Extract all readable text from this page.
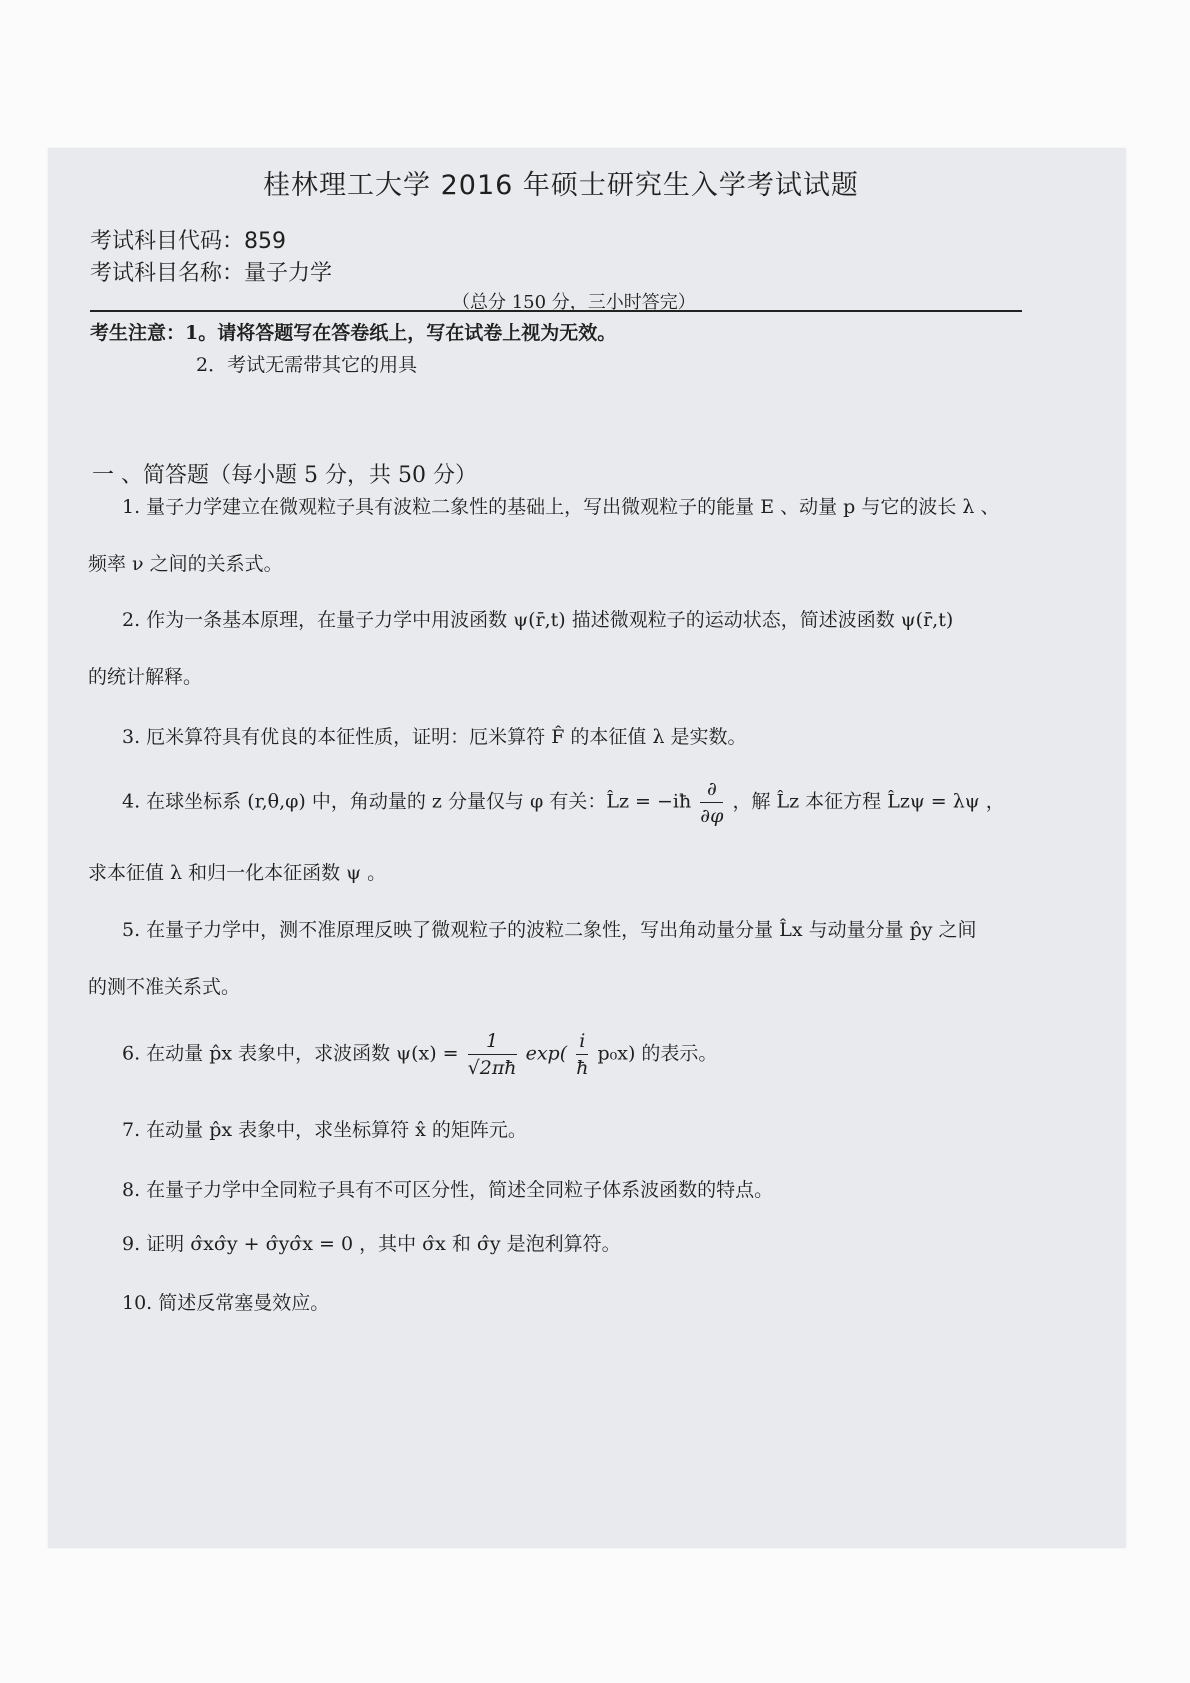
桂林理工大学 2016 年硕士研究生入学考试试题
考试科目代码：859
考试科目名称：量子力学
（总分 150 分，三小时答完）
考生注意：1。请将答题写在答卷纸上，写在试卷上视为无效。
2．考试无需带其它的用具
一 、简答题（每小题 5 分，共 50 分）
1. 量子力学建立在微观粒子具有波粒二象性的基础上，写出微观粒子的能量 E 、动量 p 与它的波长 λ 、
频率 ν 之间的关系式。
2. 作为一条基本原理，在量子力学中用波函数 ψ(r̄,t) 描述微观粒子的运动状态，简述波函数 ψ(r̄,t)
的统计解释。
3. 厄米算符具有优良的本征性质，证明：厄米算符 F̂ 的本征值 λ 是实数。
4. 在球坐标系 (r,θ,φ) 中，角动量的 z 分量仅与 φ 有关：L̂z = −iħ $\frac{\partial}{\partial\varphi}$ ，解 L̂z 本征方程 L̂zψ = λψ ，
求本征值 λ 和归一化本征函数 ψ 。
5. 在量子力学中，测不准原理反映了微观粒子的波粒二象性，写出角动量分量 L̂x 与动量分量 p̂y 之间
的测不准关系式。
6. 在动量 p̂x 表象中，求波函数 $\psi(x) = \frac{1}{√2\pi ħ} \exp( \frac{i}{ħ} p_0x)$ 的表示。
7. 在动量 p̂x 表象中，求坐标算符 x̂ 的矩阵元。
8. 在量子力学中全同粒子具有不可区分性，简述全同粒子体系波函数的特点。
9. 证明 σ̂xσ̂y + σ̂yσ̂x = 0 ，其中 σ̂x 和 σ̂y 是泡利算符。
10. 简述反常塞曼效应。
